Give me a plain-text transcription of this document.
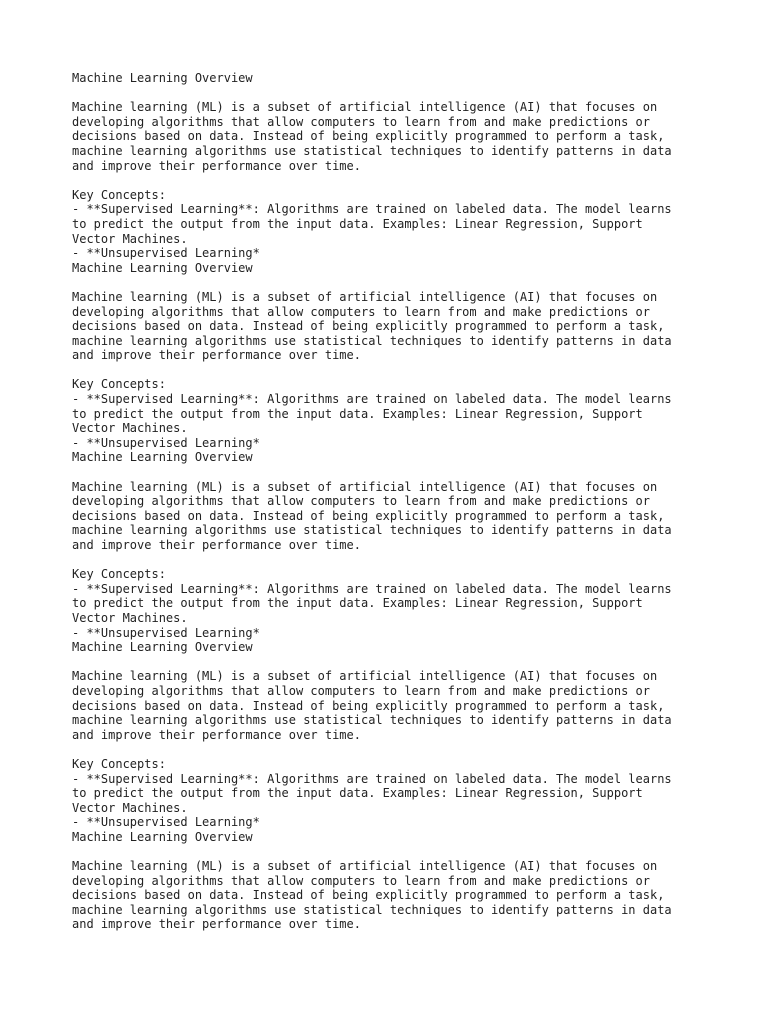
Machine Learning Overview
Machine learning (ML) is a subset of artificial intelligence (AI) that focuses on
developing algorithms that allow computers to learn from and make predictions or
decisions based on data. Instead of being explicitly programmed to perform a task,
machine learning algorithms use statistical techniques to identify patterns in data
and improve their performance over time.
Key Concepts:
- **Supervised Learning**: Algorithms are trained on labeled data. The model learns
to predict the output from the input data. Examples: Linear Regression, Support
Vector Machines.
- **Unsupervised Learning*
Machine Learning Overview
Machine learning (ML) is a subset of artificial intelligence (AI) that focuses on
developing algorithms that allow computers to learn from and make predictions or
decisions based on data. Instead of being explicitly programmed to perform a task,
machine learning algorithms use statistical techniques to identify patterns in data
and improve their performance over time.
Key Concepts:
- **Supervised Learning**: Algorithms are trained on labeled data. The model learns
to predict the output from the input data. Examples: Linear Regression, Support
Vector Machines.
- **Unsupervised Learning*
Machine Learning Overview
Machine learning (ML) is a subset of artificial intelligence (AI) that focuses on
developing algorithms that allow computers to learn from and make predictions or
decisions based on data. Instead of being explicitly programmed to perform a task,
machine learning algorithms use statistical techniques to identify patterns in data
and improve their performance over time.
Key Concepts:
- **Supervised Learning**: Algorithms are trained on labeled data. The model learns
to predict the output from the input data. Examples: Linear Regression, Support
Vector Machines.
- **Unsupervised Learning*
Machine Learning Overview
Machine learning (ML) is a subset of artificial intelligence (AI) that focuses on
developing algorithms that allow computers to learn from and make predictions or
decisions based on data. Instead of being explicitly programmed to perform a task,
machine learning algorithms use statistical techniques to identify patterns in data
and improve their performance over time.
Key Concepts:
- **Supervised Learning**: Algorithms are trained on labeled data. The model learns
to predict the output from the input data. Examples: Linear Regression, Support
Vector Machines.
- **Unsupervised Learning*
Machine Learning Overview
Machine learning (ML) is a subset of artificial intelligence (AI) that focuses on
developing algorithms that allow computers to learn from and make predictions or
decisions based on data. Instead of being explicitly programmed to perform a task,
machine learning algorithms use statistical techniques to identify patterns in data
and improve their performance over time.
